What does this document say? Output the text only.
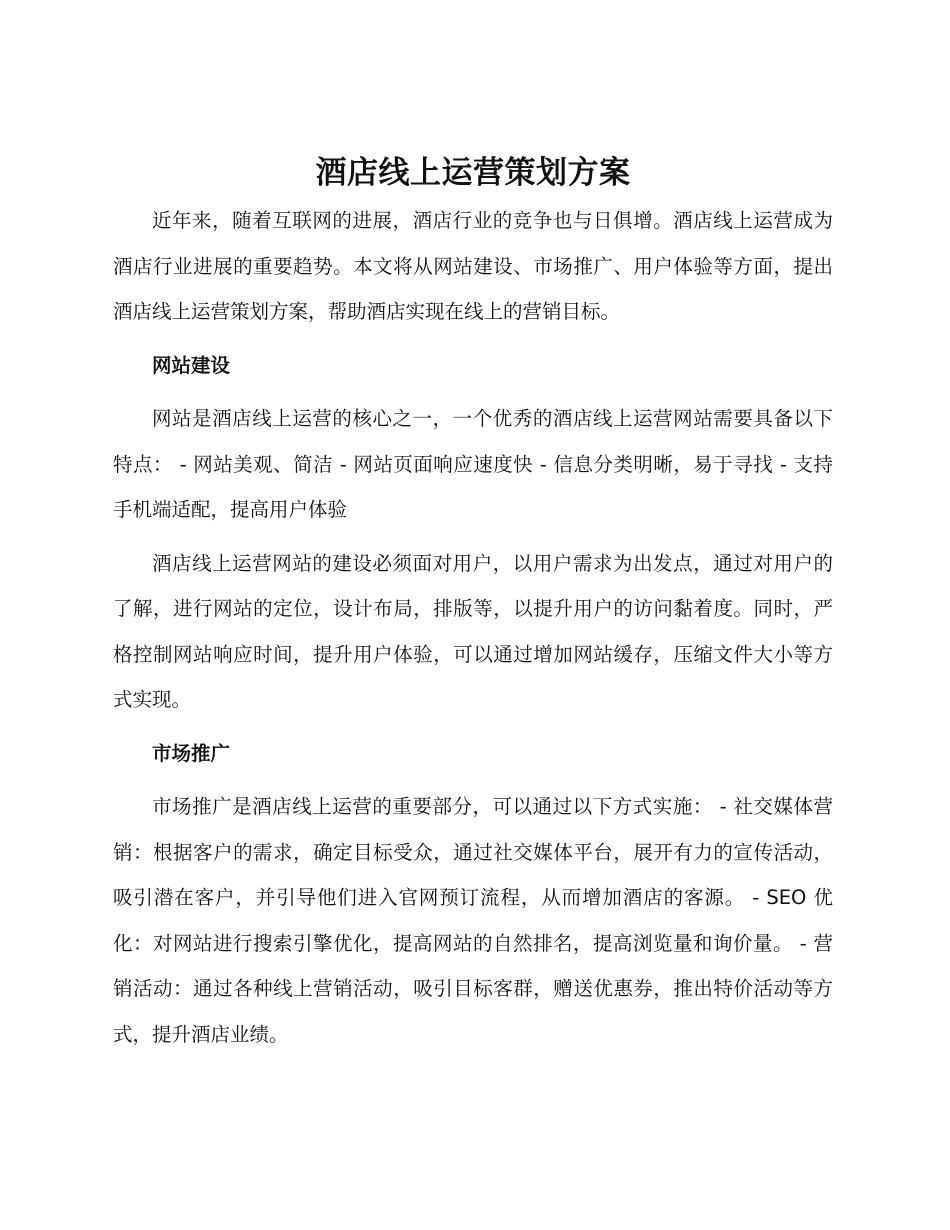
酒店线上运营策划方案

近年来，随着互联网的进展，酒店行业的竞争也与日俱增。酒店线上运营成为酒店行业进展的重要趋势。本文将从网站建设、市场推广、用户体验等方面，提出酒店线上运营策划方案，帮助酒店实现在线上的营销目标。

网站建设

网站是酒店线上运营的核心之一，一个优秀的酒店线上运营网站需要具备以下特点： - 网站美观、简洁 - 网站页面响应速度快 - 信息分类明晰，易于寻找 - 支持手机端适配，提高用户体验

酒店线上运营网站的建设必须面对用户，以用户需求为出发点，通过对用户的了解，进行网站的定位，设计布局，排版等，以提升用户的访问黏着度。同时，严格控制网站响应时间，提升用户体验，可以通过增加网站缓存，压缩文件大小等方式实现。

市场推广

市场推广是酒店线上运营的重要部分，可以通过以下方式实施： - 社交媒体营销：根据客户的需求，确定目标受众，通过社交媒体平台，展开有力的宣传活动，吸引潜在客户，并引导他们进入官网预订流程，从而增加酒店的客源。 - SEO 优化：对网站进行搜索引擎优化，提高网站的自然排名，提高浏览量和询价量。 - 营销活动：通过各种线上营销活动，吸引目标客群，赠送优惠券，推出特价活动等方式，提升酒店业绩。
